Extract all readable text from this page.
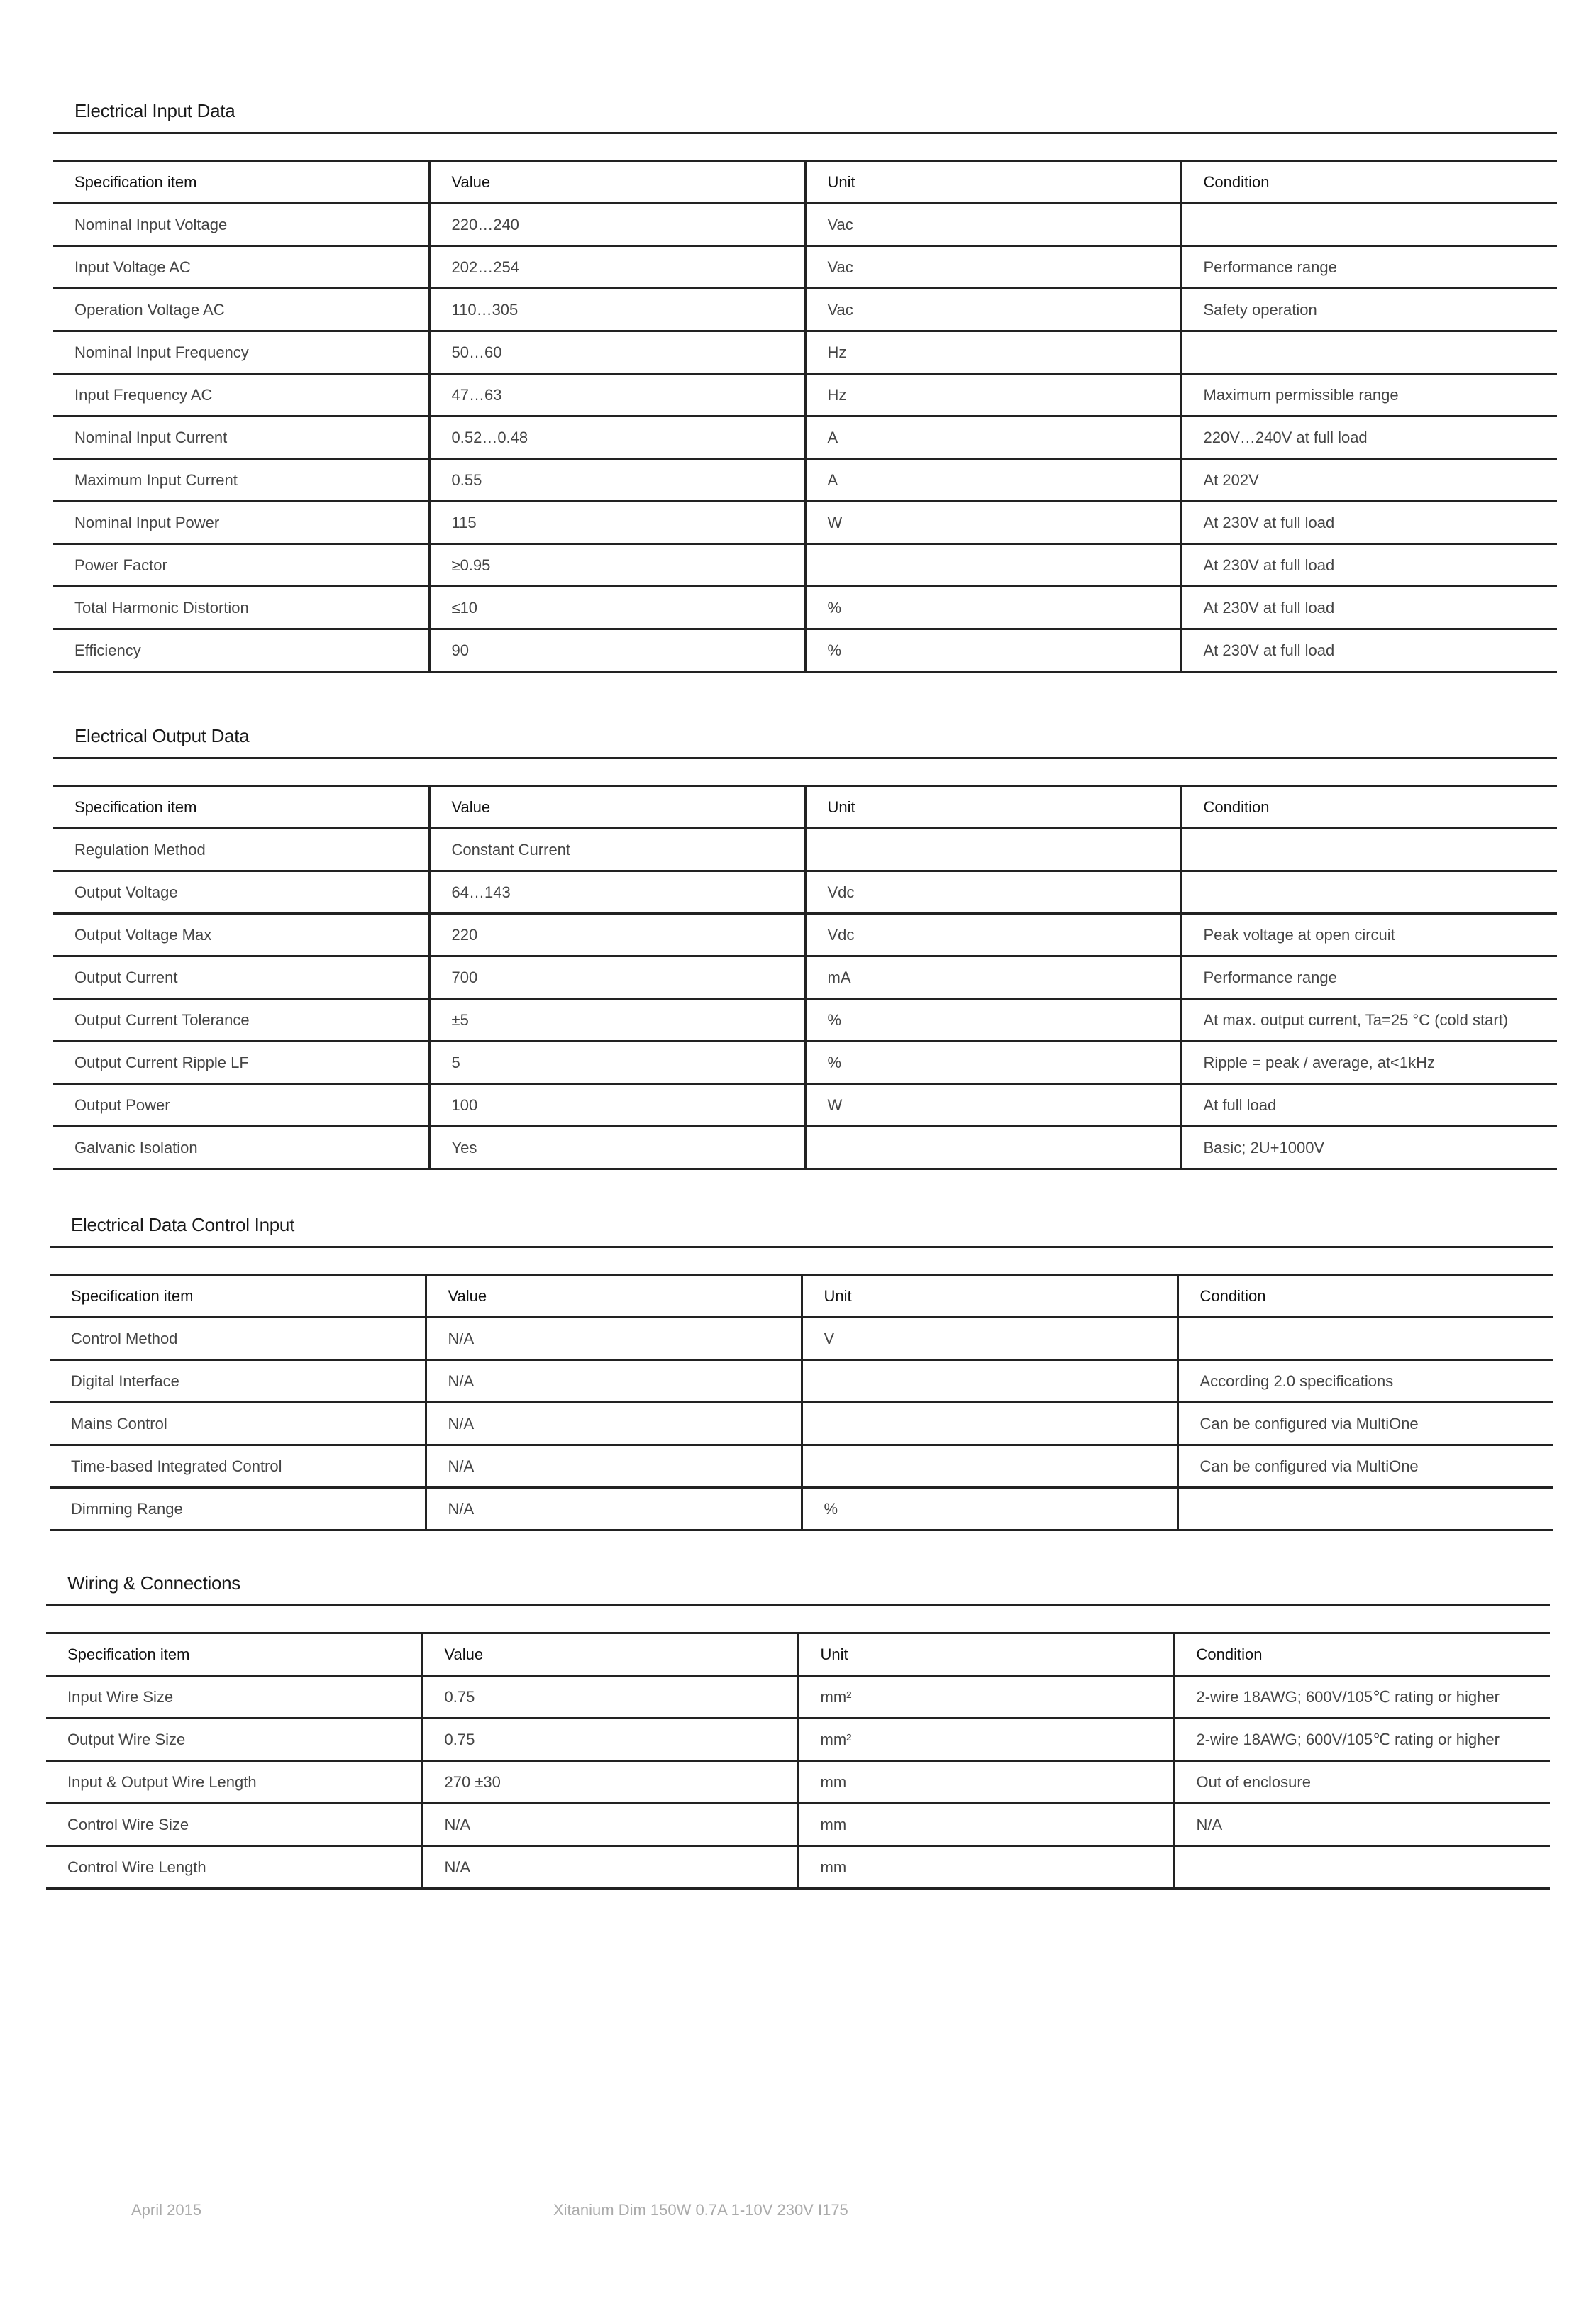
Electrical Input Data
Specification item	Value	Unit	Condition
Nominal Input Voltage	220…240	Vac	
Input Voltage AC	202…254	Vac	Performance range
Operation Voltage AC	110…305	Vac	Safety operation
Nominal Input Frequency	50…60	Hz	
Input Frequency AC	47…63	Hz	Maximum permissible range
Nominal Input Current	0.52…0.48	A	220V…240V at full load
Maximum Input Current	0.55	A	At 202V
Nominal Input Power	115	W	At 230V at full load
Power Factor	≥0.95		At 230V at full load
Total Harmonic Distortion	≤10	%	At 230V at full load
Efficiency	90	%	At 230V at full load
Electrical Output Data
Specification item	Value	Unit	Condition
Regulation Method	Constant Current		
Output Voltage	64…143	Vdc	
Output Voltage Max	220	Vdc	Peak voltage at open circuit
Output Current	700	mA	Performance range
Output Current Tolerance	±5	%	At max. output current, Ta=25 °C (cold start)
Output Current Ripple LF	5	%	Ripple = peak / average, at<1kHz
Output Power	100	W	At full load
Galvanic Isolation	Yes		Basic; 2U+1000V
Electrical Data Control Input
Specification item	Value	Unit	Condition
Control Method	N/A	V	
Digital Interface	N/A		According 2.0 specifications
Mains Control	N/A		Can be configured via MultiOne
Time-based Integrated Control	N/A		Can be configured via MultiOne
Dimming Range	N/A	%	
Wiring & Connections
Specification item	Value	Unit	Condition
Input Wire Size	0.75	mm²	2-wire 18AWG; 600V/105℃ rating or higher
Output Wire Size	0.75	mm²	2-wire 18AWG; 600V/105℃ rating or higher
Input & Output Wire Length	270 ±30	mm	Out of enclosure
Control Wire Size	N/A	mm	N/A
Control Wire Length	N/A	mm	
April 2015	Xitanium Dim 150W 0.7A 1-10V 230V I175
